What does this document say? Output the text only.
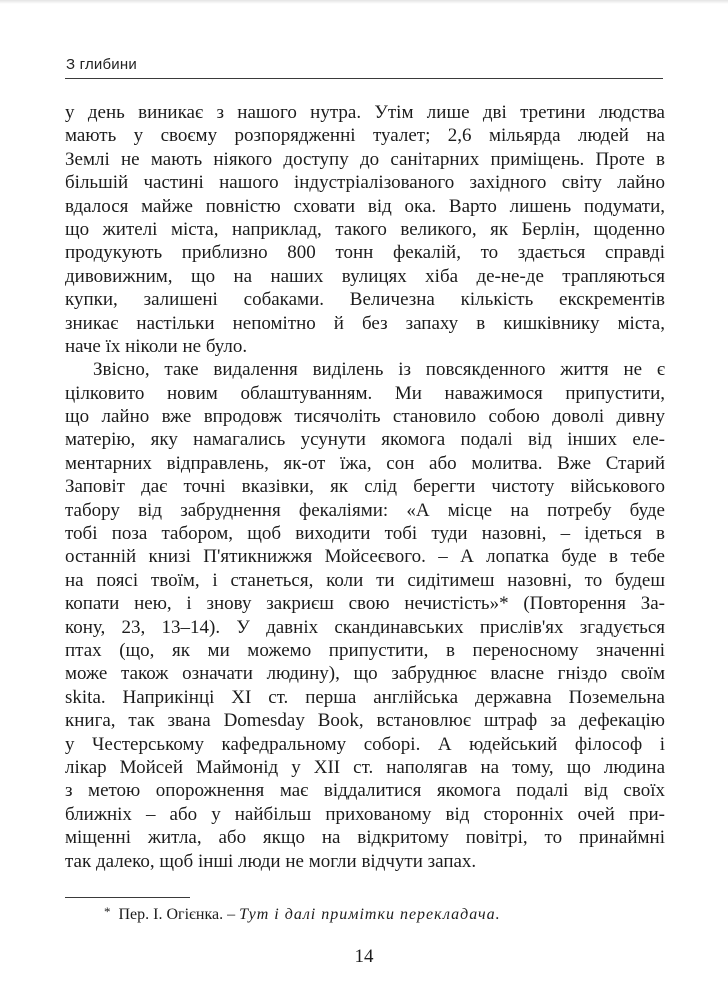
З глибини
у день виникає з нашого нутра. Утім лише дві третини людства
мають у своєму розпорядженні туалет; 2,6 мільярда людей на
Землі не мають ніякого доступу до санітарних приміщень. Проте в
більшій частині нашого індустріалізованого західного світу лайно
вдалося майже повністю сховати від ока. Варто лишень подумати,
що жителі міста, наприклад, такого великого, як Берлін, щоденно
продукують приблизно 800 тонн фекалій, то здається справді
дивовижним, що на наших вулицях хіба де-не-де трапляються
купки, залишені собаками. Величезна кількість екскрементів
зникає настільки непомітно й без запаху в кишківнику міста,
наче їх ніколи не було.
Звісно, таке видалення виділень із повсякденного життя не є
цілковито новим облаштуванням. Ми наважимося припустити,
що лайно вже впродовж тисячоліть становило собою доволі дивну
матерію, яку намагались усунути якомога подалі від інших еле-
ментарних відправлень, як-от їжа, сон або молитва. Вже Старий
Заповіт дає точні вказівки, як слід берегти чистоту військового
табору від забруднення фекаліями: «А місце на потребу буде
тобі поза табором, щоб виходити тобі туди назовні, – ідеться в
останній книзі П'ятикнижжя Мойсеєвого. – А лопатка буде в тебе
на поясі твоїм, і станеться, коли ти сидітимеш назовні, то будеш
копати нею, і знову закриєш свою нечистість»* (Повторення За-
кону, 23, 13–14). У давніх скандинавських прислів'ях згадується
птах (що, як ми можемо припустити, в переносному значенні
може також означати людину), що забруднює власне гніздо своїм
skita. Наприкінці XI ст. перша англійська державна Поземельна
книга, так звана Domesday Book, встановлює штраф за дефекацію
у Честерському кафедральному соборі. А юдейський філософ і
лікар Мойсей Маймонід у XII ст. наполягав на тому, що людина
з метою опорожнення має віддалитися якомога подалі від своїх
ближніх – або у найбільш прихованому від сторонніх очей при-
міщенні житла, або якщо на відкритому повітрі, то принаймні
так далеко, щоб інші люди не могли відчути запах.
* Пер. І. Огієнка. – Тут і далі примітки перекладача.
14
